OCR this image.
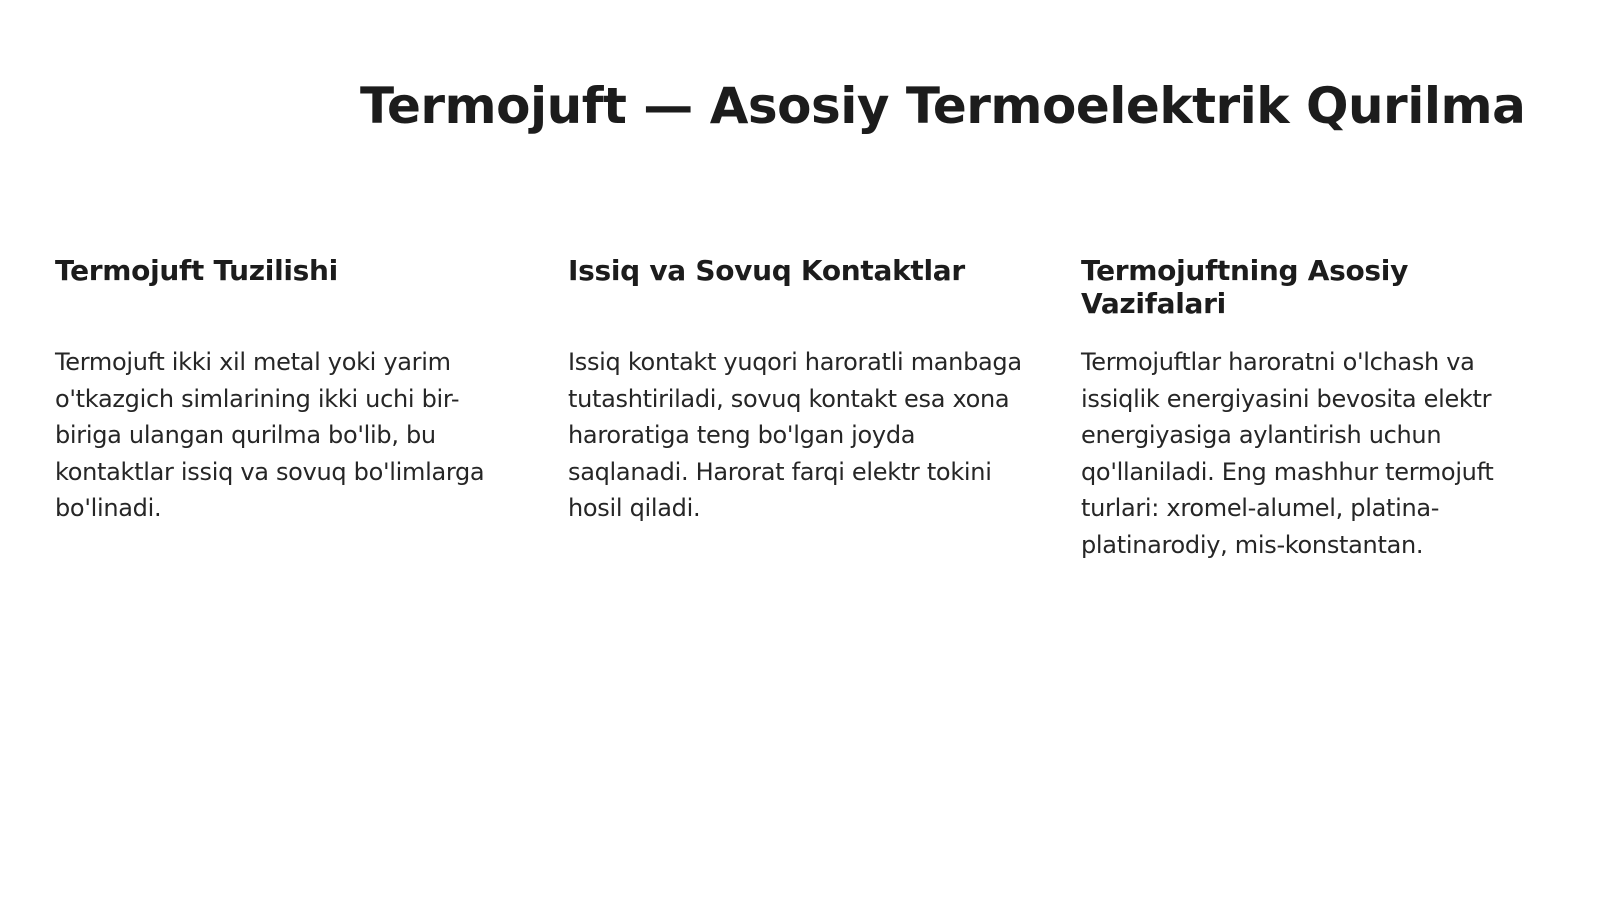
Termojuft — Asosiy Termoelektrik Qurilma
Termojuft Tuzilishi

Termojuft ikki xil metal yoki yarim o'tkazgich simlarining ikki uchi bir-biriga ulangan qurilma bo'lib, bu kontaktlar issiq va sovuq bo'limlarga bo'linadi.

Issiq va Sovuq Kontaktlar

Issiq kontakt yuqori haroratli manbaga tutashtiriladi, sovuq kontakt esa xona haroratiga teng bo'lgan joyda saqlanadi. Harorat farqi elektr tokini hosil qiladi.

Termojuftning Asosiy Vazifalari

Termojuftlar haroratni o'lchash va issiqlik energiyasini bevosita elektr energiyasiga aylantirish uchun qo'llaniladi. Eng mashhur termojuft turlari: xromel-alumel, platina-platinarodiy, mis-konstantan.
